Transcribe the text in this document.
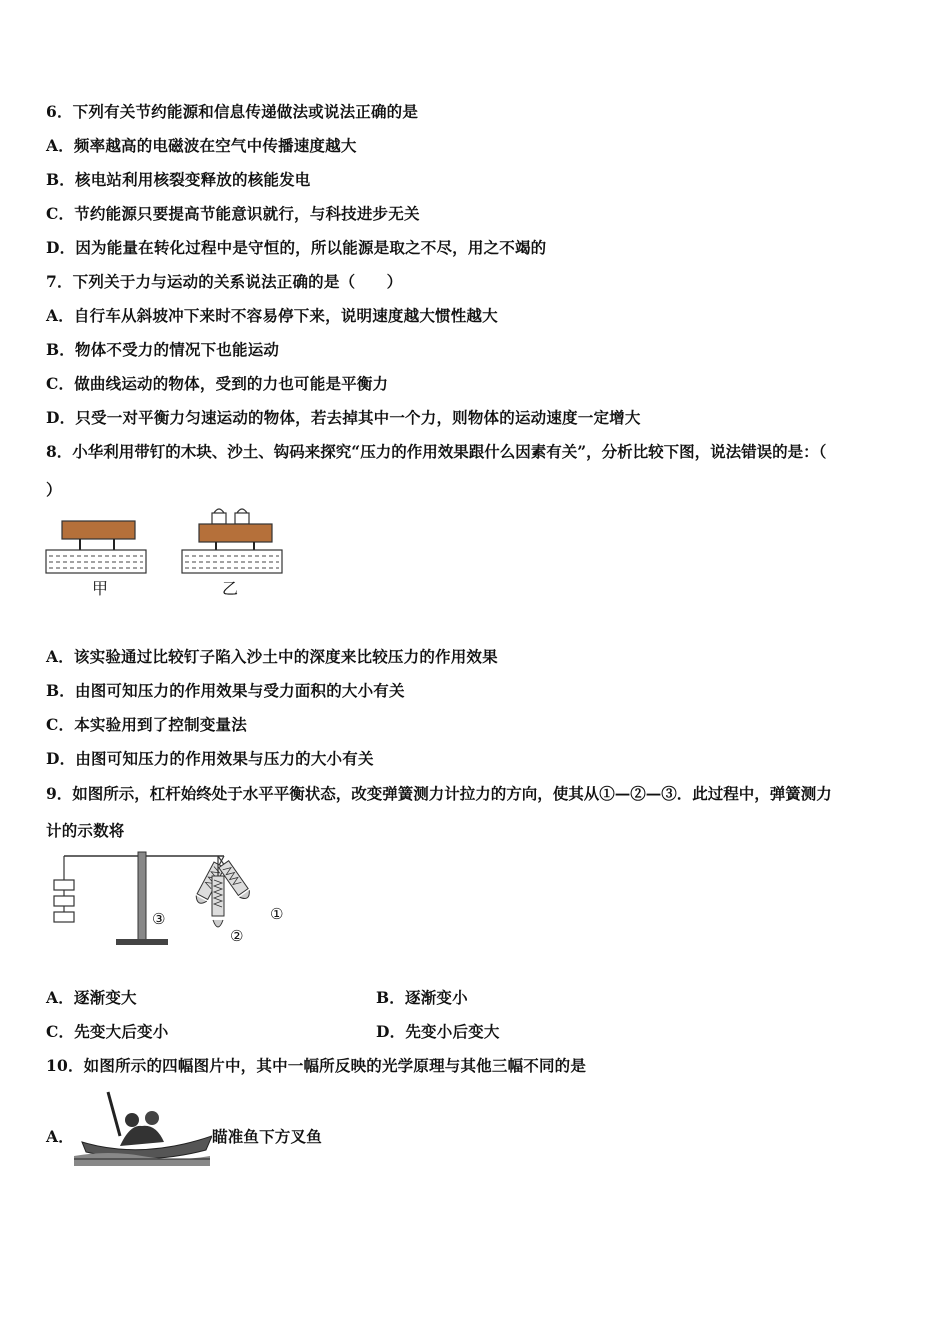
6．下列有关节约能源和信息传递做法或说法正确的是
A．频率越高的电磁波在空气中传播速度越大
B．核电站利用核裂变释放的核能发电
C．节约能源只要提高节能意识就行，与科技进步无关
D．因为能量在转化过程中是守恒的，所以能源是取之不尽，用之不竭的
7．下列关于力与运动的关系说法正确的是（　　）
A．自行车从斜坡冲下来时不容易停下来，说明速度越大惯性越大
B．物体不受力的情况下也能运动
C．做曲线运动的物体，受到的力也可能是平衡力
D．只受一对平衡力匀速运动的物体，若去掉其中一个力，则物体的运动速度一定增大
8．小华利用带钉的木块、沙土、钩码来探究“压力的作用效果跟什么因素有关”，分析比较下图，说法错误的是：（
）
甲	乙
A．该实验通过比较钉子陷入沙土中的深度来比较压力的作用效果
B．由图可知压力的作用效果与受力面积的大小有关
C．本实验用到了控制变量法
D．由图可知压力的作用效果与压力的大小有关
9．如图所示，杠杆始终处于水平平衡状态，改变弹簧测力计拉力的方向，使其从①—②—③．此过程中，弹簧测力
计的示数将
①
②
③
A．逐渐变大	B．逐渐变小
C．先变大后变小	D．先变小后变大
10．如图所示的四幅图片中，其中一幅所反映的光学原理与其他三幅不同的是
A．	瞄准鱼下方叉鱼
